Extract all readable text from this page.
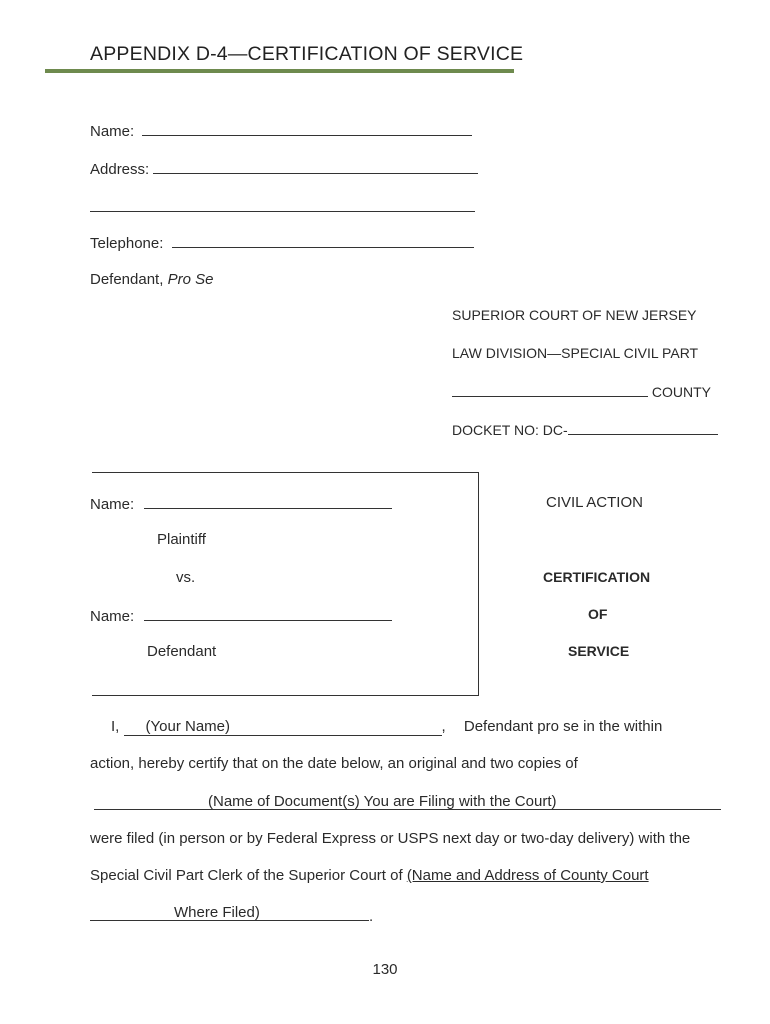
APPENDIX D-4—CERTIFICATION OF SERVICE
Name:
Address:
Telephone:
Defendant, Pro Se
SUPERIOR COURT OF NEW JERSEY
LAW DIVISION—SPECIAL CIVIL PART
COUNTY
DOCKET NO: DC-
Name:
Plaintiff
vs.
Name:
Defendant
CIVIL ACTION
CERTIFICATION
OF
SERVICE
I, (Your Name)	, Defendant pro se in the within
action, hereby certify that on the date below, an original and two copies of
(Name of Document(s) You are Filing with the Court)
were filed (in person or by Federal Express or USPS next day or two-day delivery) with the
Special Civil Part Clerk of the Superior Court of (Name and Address of County Court
Where Filed)	.
130
